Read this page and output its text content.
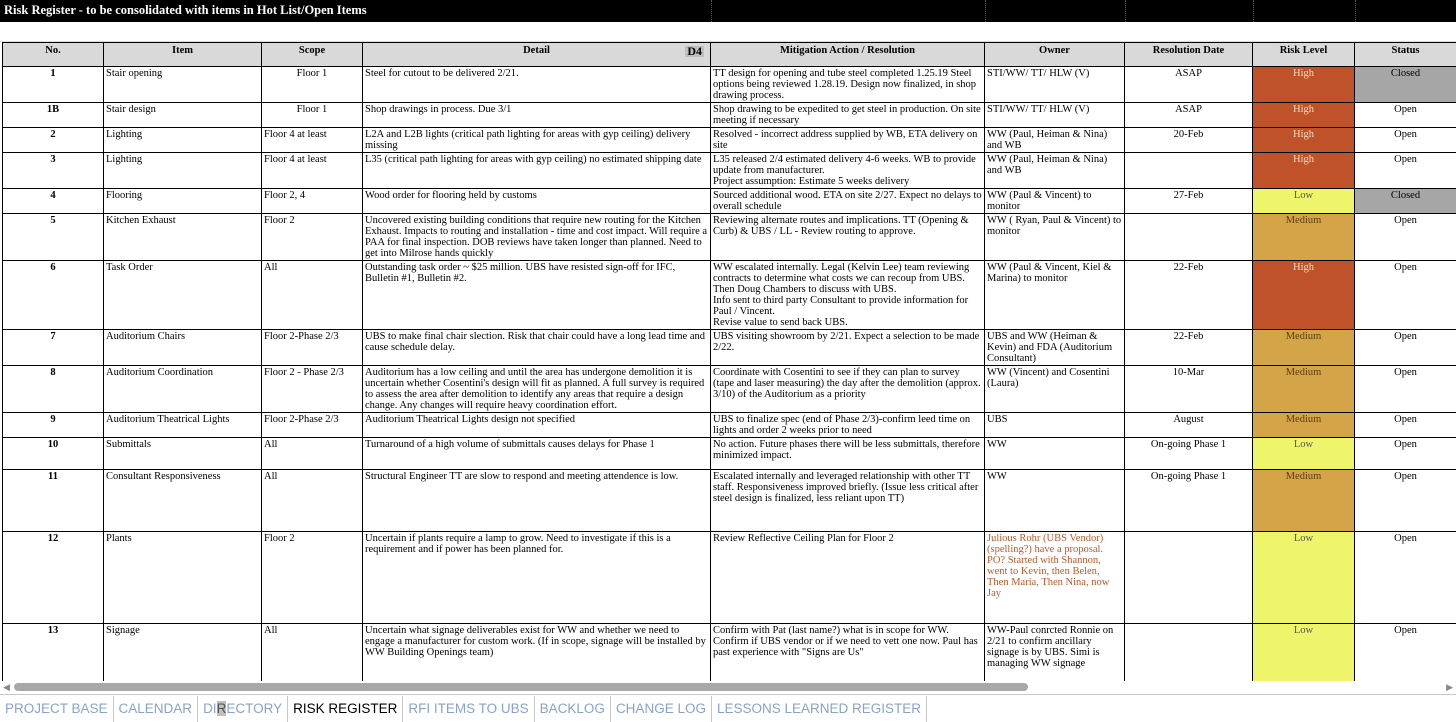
Risk Register - to be consolidated with items in Hot List/Open Items
No.	Item	Scope	Detail D4	Mitigation Action / Resolution	Owner	Resolution Date	Risk Level	Status
1	Stair opening	Floor 1	Steel for cutout to be delivered 2/21.	TT design for opening and tube steel completed 1.25.19 Steel options being reviewed 1.28.19. Design now finalized, in shop drawing process.	STI/WW/ TT/ HLW (V)	ASAP	High	Closed
1B	Stair design	Floor 1	Shop drawings in process. Due 3/1	Shop drawing to be expedited to get steel in production. On site meeting if necessary	STI/WW/ TT/ HLW (V)	ASAP	High	Open
2	Lighting	Floor 4 at least	L2A and L2B lights (critical path lighting for areas with gyp ceiling) delivery missing	Resolved - incorrect address supplied by WB, ETA delivery on site	WW (Paul, Heiman & Nina) and WB	20-Feb	High	Open
3	Lighting	Floor 4 at least	L35 (critical path lighting for areas with gyp ceiling) no estimated shipping date	L35 released 2/4 estimated delivery 4-6 weeks. WB to provide update from manufacturer.
Project assumption: Estimate 5 weeks delivery	WW (Paul, Heiman & Nina) and WB		High	Open
4	Flooring	Floor 2, 4	Wood order for flooring held by customs	Sourced additional wood. ETA on site 2/27. Expect no delays to overall schedule	WW (Paul & Vincent) to monitor	27-Feb	Low	Closed
5	Kitchen Exhaust	Floor 2	Uncovered existing building conditions that require new routing for the Kitchen Exhaust. Impacts to routing and installation - time and cost impact. Will require a PAA for final inspection. DOB reviews have taken longer than planned. Need to get into Milrose hands quickly	Reviewing alternate routes and implications. TT (Opening & Curb) & UBS / LL - Review routing to approve.	WW ( Ryan, Paul & Vincent) to monitor		Medium	Open
6	Task Order	All	Outstanding task order ~ $25 million. UBS have resisted sign-off for IFC, Bulletin #1, Bulletin #2.	WW escalated internally. Legal (Kelvin Lee) team reviewing contracts to determine what costs we can recoup from UBS. Then Doug Chambers to discuss with UBS.
Info sent to third party Consultant to provide information for Paul / Vincent.
Revise value to send back UBS.	WW (Paul & Vincent, Kiel & Marina) to monitor	22-Feb	High	Open
7	Auditorium Chairs	Floor 2-Phase 2/3	UBS to make final chair slection. Risk that chair could have a long lead time and cause schedule delay.	UBS visiting showroom by 2/21. Expect a selection to be made 2/22.	UBS and WW (Heiman & Kevin) and FDA (Auditorium Consultant)	22-Feb	Medium	Open
8	Auditorium Coordination	Floor 2 - Phase 2/3	Auditorium has a low ceiling and until the area has undergone demolition it is uncertain whether Cosentini's design will fit as planned. A full survey is required to assess the area after demolition to identify any areas that require a design change. Any changes will require heavy coordination effort.	Coordinate with Cosentini to see if they can plan to survey (tape and laser measuring) the day after the demolition (approx. 3/10) of the Auditorium as a priority	WW (Vincent) and Cosentini (Laura)	10-Mar	Medium	Open
9	Auditorium Theatrical Lights	Floor 2-Phase 2/3	Auditorium Theatrical Lights design not specified	UBS to finalize spec (end of Phase 2/3)-confirm leed time on lights and order 2 weeks prior to need	UBS	August	Medium	Open
10	Submittals	All	Turnaround of a high volume of submittals causes delays for Phase 1	No action. Future phases there will be less submittals, therefore minimized impact.	WW	On-going Phase 1	Low	Open
11	Consultant Responsiveness	All	Structural Engineer TT are slow to respond and meeting attendence is low.	Escalated internally and leveraged relationship with other TT staff. Responsiveness improved briefly. (Issue less critical after steel design is finalized, less reliant upon TT)	WW	On-going Phase 1	Medium	Open
12	Plants	Floor 2	Uncertain if plants require a lamp to grow. Need to investigate if this is a requirement and if power has been planned for.	Review Reflective Ceiling Plan for Floor 2	Julious Rohr (UBS Vendor) (spelling?) have a proposal. PO? Started with Shannon, went to Kevin, then Belen, Then Maria, Then Nina, now Jay		Low	Open
13	Signage	All	Uncertain what signage deliverables exist for WW and whether we need to engage a manufacturer for custom work. (If in scope, signage will be installed by WW Building Openings team)	Confirm with Pat (last name?) what is in scope for WW. Confirm if UBS vendor or if we need to vett one now. Paul has past experience with "Signs are Us"	WW-Paul conrcted Ronnie on 2/21 to confirm ancillary signage is by UBS. Simi is managing WW signage		Low	Open
◀	▶
PROJECT BASE CALENDAR DIRECTORY RISK REGISTER RFI ITEMS TO UBS BACKLOG CHANGE LOG LESSONS LEARNED REGISTER
